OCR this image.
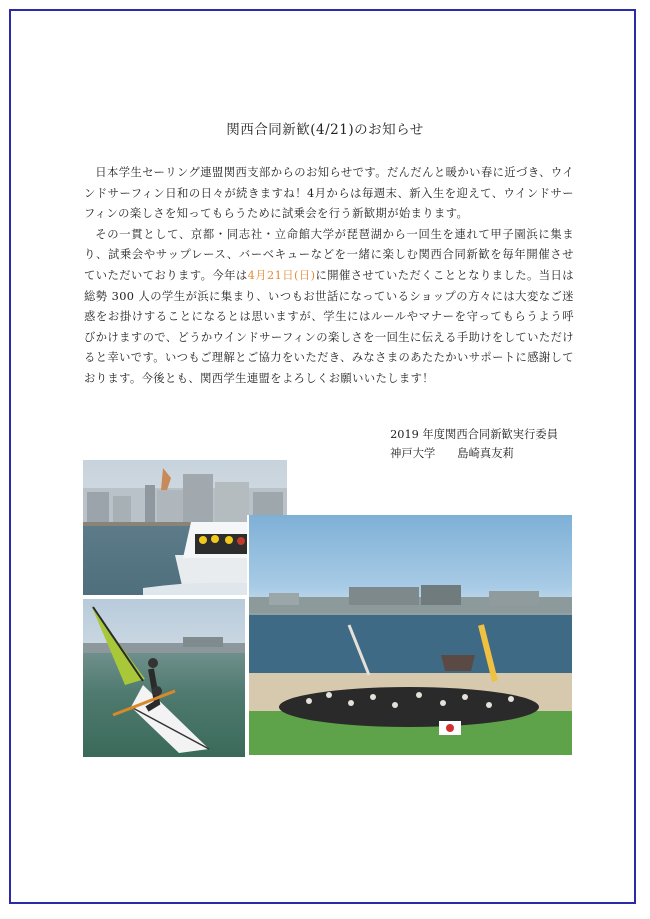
関西合同新歓(4/21)のお知らせ

日本学生セーリング連盟関西支部からのお知らせです。だんだんと暖かい春に近づき、ウインドサーフィン日和の日々が続きますね！4月からは毎週末、新入生を迎えて、ウインドサーフィンの楽しさを知ってもらうために試乗会を行う新歓期が始まります。

その一貫として、京都・同志社・立命館大学が琵琶湖から一回生を連れて甲子園浜に集まり、試乗会やサップレース、バーベキューなどを一緒に楽しむ関西合同新歓を毎年開催させていただいております。今年は4月21日(日)に開催させていただくこととなりました。当日は総勢 300 人の学生が浜に集まり、いつもお世話になっているショップの方々には大変なご迷惑をお掛けすることになるとは思いますが、学生にはルールやマナーを守ってもらうよう呼びかけますので、どうかウインドサーフィンの楽しさを一回生に伝える手助けをしていただけると幸いです。いつもご理解とご協力をいただき、みなさまのあたたかいサポートに感謝しております。今後とも、関西学生連盟をよろしくお願いいたします！

2019 年度関西合同新歓実行委員
神戸大学 島崎真友莉
